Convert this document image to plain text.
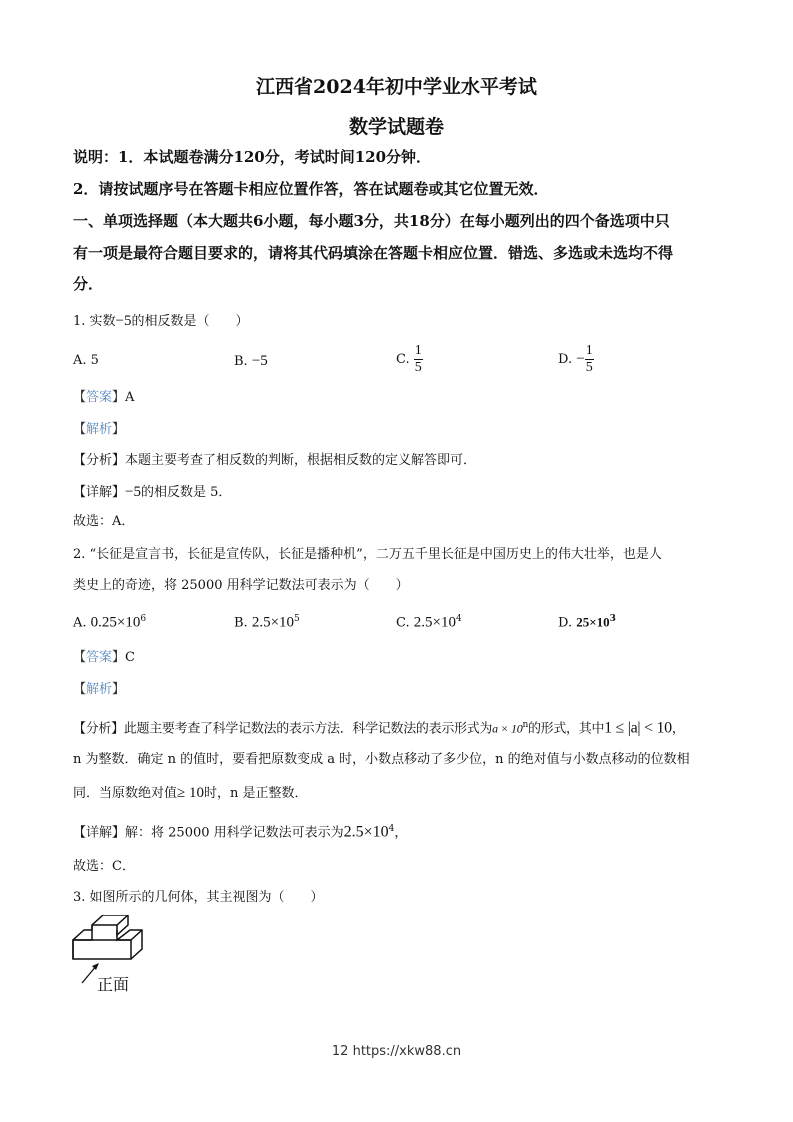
江西省2024年初中学业水平考试
数学试题卷
说明：1．本试题卷满分120分，考试时间120分钟．
2．请按试题序号在答题卡相应位置作答，答在试题卷或其它位置无效．
一、单项选择题（本大题共6小题，每小题3分，共18分）在每小题列出的四个备选项中只
有一项是最符合题目要求的，请将其代码填涂在答题卡相应位置．错选、多选或未选均不得
分．
1. 实数−5的相反数是（　　）
A. 5	B. −5	C. $\frac{1}{5}$	D. − $\frac{1}{5}$
【答案】A
【解析】
【分析】本题主要考查了相反数的判断，根据相反数的定义解答即可．
【详解】−5的相反数是 5．
故选：A．
2. “长征是宣言书，长征是宣传队，长征是播种机”，二万五千里长征是中国历史上的伟大壮举，也是人
类史上的奇迹，将 25000 用科学记数法可表示为（　　）
A. $0.25\times 10^6$	B. $2.5\times 10^5$	C. $2.5\times 10^4$	D. $25\times 10^3$
【答案】C
【解析】
【分析】此题主要考查了科学记数法的表示方法．科学记数法的表示形式为$a \times 10^n$的形式，其中1 ≤ |a| < 10，
n 为整数．确定 n 的值时，要看把原数变成 a 时，小数点移动了多少位，n 的绝对值与小数点移动的位数相
同．当原数绝对值≥ 10时，n 是正整数．
【详解】解：将 25000 用科学记数法可表示为$2.5\times 10^4$，
故选：C．
3. 如图所示的几何体，其主视图为（　　）
正面
12 https://xkw88.cn
